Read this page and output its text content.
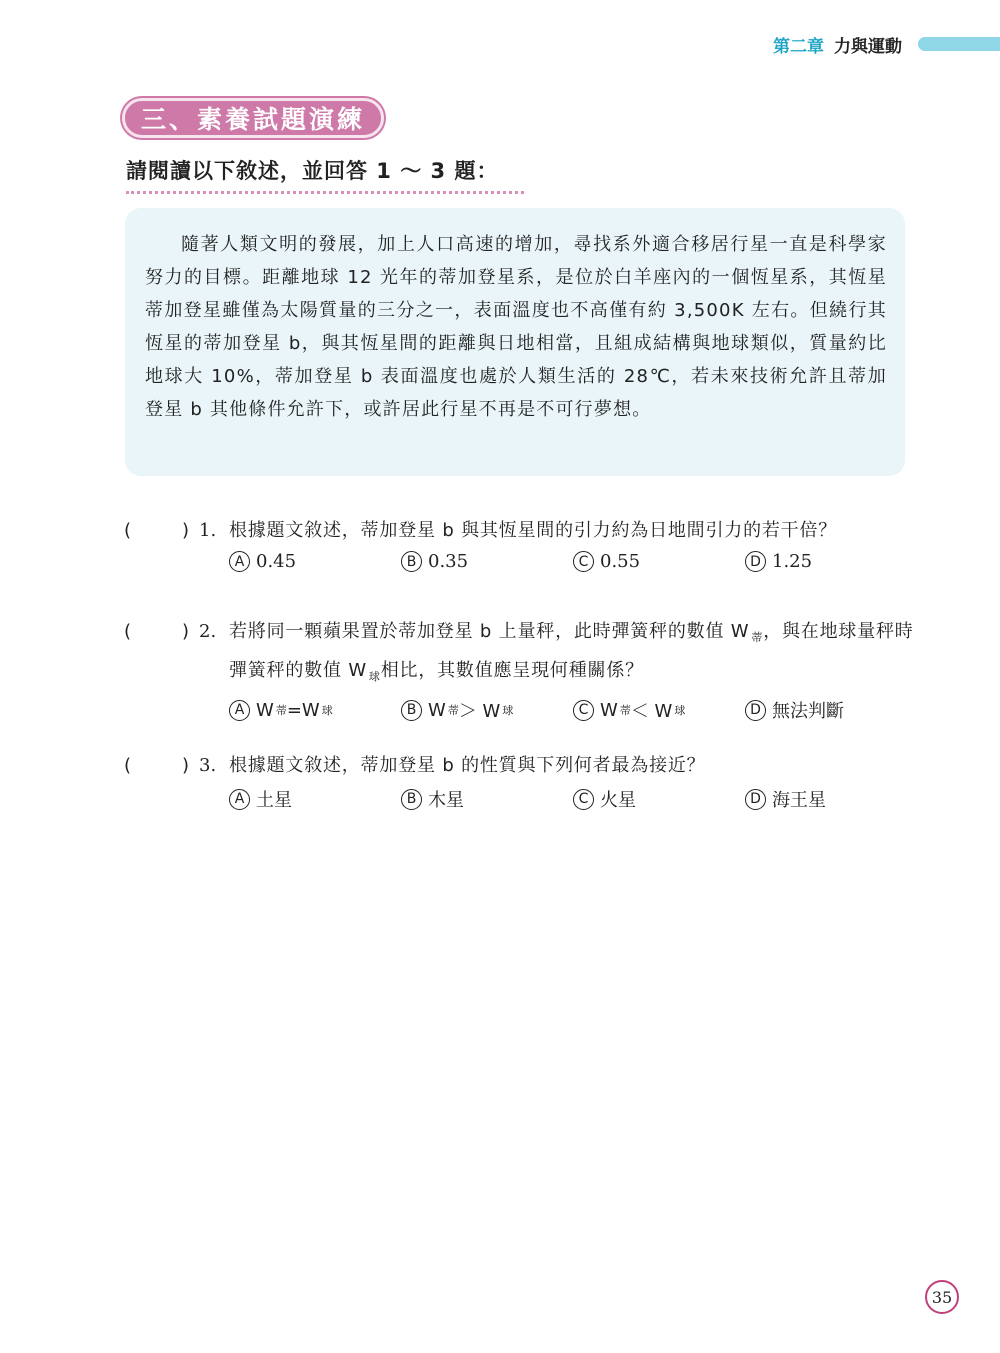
第二章 力與運動
三、素養試題演練
請閱讀以下敘述，並回答 1 ～ 3 題：

隨著人類文明的發展，加上人口高速的增加，尋找系外適合移居行星一直是科學家努力的目標。距離地球 12 光年的蒂加登星系，是位於白羊座內的一個恆星系，其恆星蒂加登星雖僅為太陽質量的三分之一，表面溫度也不高僅有約 3,500K 左右。但繞行其恆星的蒂加登星 b，與其恆星間的距離與日地相當，且組成結構與地球類似，質量約比地球大 10%，蒂加登星 b 表面溫度也處於人類生活的 28℃，若未來技術允許且蒂加登星 b 其他條件允許下，或許居此行星不再是不可行夢想。

(	) 1. 根據題文敘述，蒂加登星 b 與其恆星間的引力約為日地間引力的若干倍？
A 0.45	B 0.35	C 0.55	D 1.25
(	) 2. 若將同一顆蘋果置於蒂加登星 b 上量秤，此時彈簧秤的數值 W $_蒂$，與在地球量秤時彈簧秤的數值 W $_球$相比，其數值應呈現何種關係？
A W 蒂 =W 球	B W 蒂 ＞ W 球	C W 蒂 ＜ W 球	D 無法判斷
(	) 3. 根據題文敘述，蒂加登星 b 的性質與下列何者最為接近？
A 土星	B 木星	C 火星	D 海王星
35
